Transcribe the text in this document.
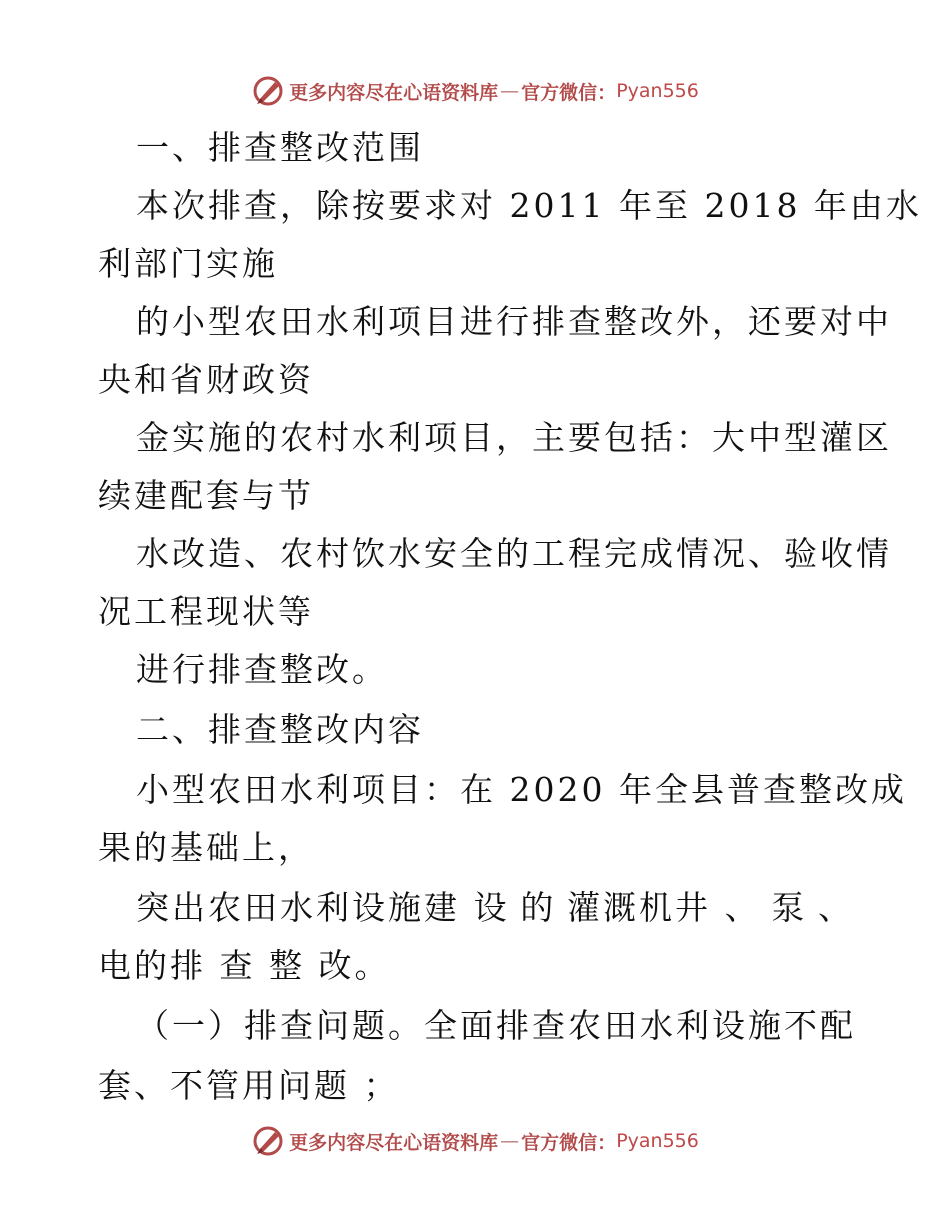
更多内容尽在心语资料库 — 官方微信： Pyan556
一、排查整改范围
本次排查，除按要求对 2011 年至 2018 年由水
利部门实施
的小型农田水利项目进行排查整改外，还要对中
央和省财政资
金实施的农村水利项目，主要包括：大中型灌区
续建配套与节
水改造、农村饮水安全的工程完成情况、验收情
况工程现状等
进行排查整改。
二、排查整改内容
小型农田水利项目：在 2020 年全县普查整改成
果的基础上，
突出农田水利设施建 设 的 灌溉机井 、 泵 、
电的排 查 整 改。
（一）排查问题。全面排查农田水利设施不配
套、不管用问题 ；
更多内容尽在心语资料库 — 官方微信： Pyan556
